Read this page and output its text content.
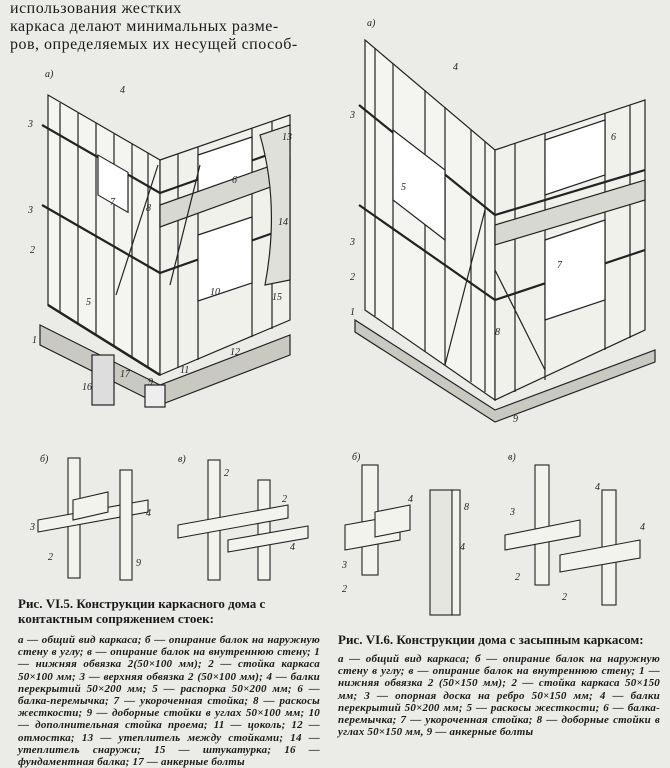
использования жестких
каркаса делают минимальных разме-
ров, определяемых их несущей способ-
а)
3
3
2
1
4
5
6
7
8
9
10
11
12
13
14
15
16
17
а)
1
2
3
3
4
5
6
7
8
9
б)	в)
3
2
4
9
2
2
4
б)	в)
4
3
2
8
4
3
4
4
2
2
Рис. VI.5. Конструкции каркасного дома с контактным сопряжением стоек:
а — общий вид каркаса; б — опирание балок на наружную стену в углу; в — опирание балок на внутреннюю стену; 1 — нижняя обвязка 2(50×100 мм); 2 — стойка каркаса 50×100 мм; 3 — верхняя обвязка 2 (50×100 мм); 4 — балки перекрытий 50×200 мм; 5 — распорка 50×200 мм; 6 — балка-перемычка; 7 — укороченная стойка; 8 — раскосы жесткости; 9 — доборные стойки в углах 50×100 мм; 10 — дополнительная стойка проема; 11 — цоколь; 12 — отмостка; 13 — утеплитель между стойками; 14 — утеплитель снаружи; 15 — штукатурка; 16 — фундаментная балка; 17 — анкерные болты
Рис. VI.6. Конструкции дома с засыпным каркасом:
а — общий вид каркаса; б — опирание балок на наружную стену в углу; в — опирание балок на внутреннюю стену; 1 — нижняя обвязка 2 (50×150 мм); 2 — стойка каркаса 50×150 мм; 3 — опорная доска на ребро 50×150 мм; 4 — балки перекрытий 50×200 мм; 5 — раскосы жесткости; 6 — балка-перемычка; 7 — укороченная стойка; 8 — доборные стойки в углах 50×150 мм, 9 — анкерные болты
